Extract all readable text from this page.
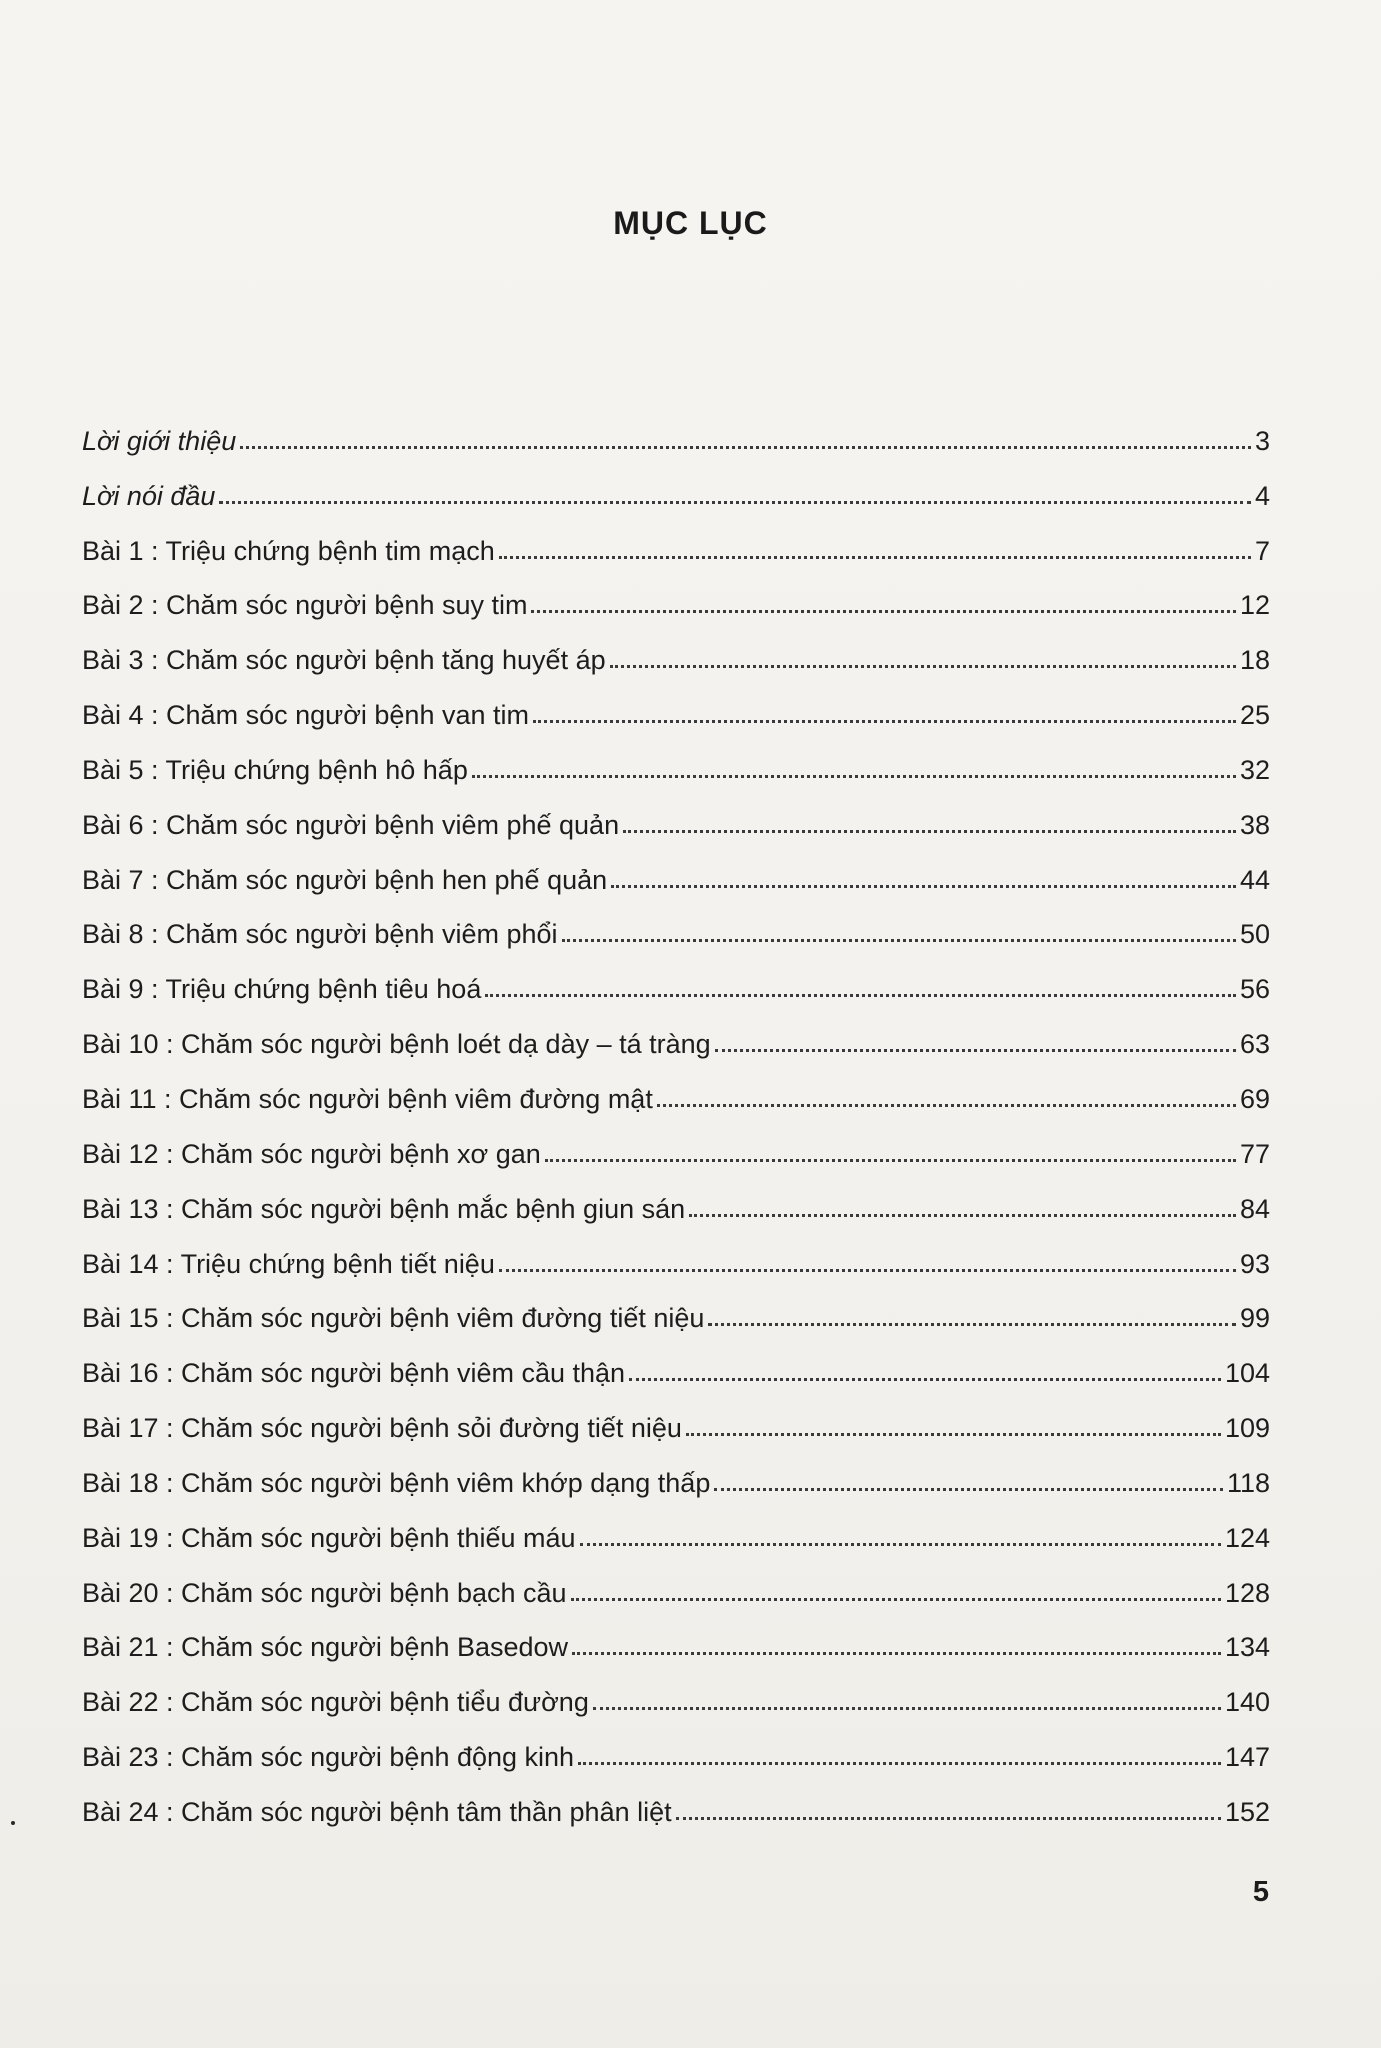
MỤC LỤC
Lời giới thiệu	3
Lời nói đầu	4
Bài 1 : Triệu chứng bệnh tim mạch	7
Bài 2 : Chăm sóc người bệnh suy tim	12
Bài 3 : Chăm sóc người bệnh tăng huyết áp	18
Bài 4 : Chăm sóc người bệnh van tim	25
Bài 5 : Triệu chứng bệnh hô hấp	32
Bài 6 : Chăm sóc người bệnh viêm phế quản	38
Bài 7 : Chăm sóc người bệnh hen phế quản	44
Bài 8 : Chăm sóc người bệnh viêm phổi	50
Bài 9 : Triệu chứng bệnh tiêu hoá	56
Bài 10 : Chăm sóc người bệnh loét dạ dày – tá tràng	63
Bài 11 : Chăm sóc người bệnh viêm đường mật	69
Bài 12 : Chăm sóc người bệnh xơ gan	77
Bài 13 : Chăm sóc người bệnh mắc bệnh giun sán	84
Bài 14 : Triệu chứng bệnh tiết niệu	93
Bài 15 : Chăm sóc người bệnh viêm đường tiết niệu	99
Bài 16 : Chăm sóc người bệnh viêm cầu thận	104
Bài 17 : Chăm sóc người bệnh sỏi đường tiết niệu	109
Bài 18 : Chăm sóc người bệnh viêm khớp dạng thấp	118
Bài 19 : Chăm sóc người bệnh thiếu máu	124
Bài 20 : Chăm sóc người bệnh bạch cầu	128
Bài 21 : Chăm sóc người bệnh Basedow	134
Bài 22 : Chăm sóc người bệnh tiểu đường	140
Bài 23 : Chăm sóc người bệnh động kinh	147
Bài 24 : Chăm sóc người bệnh tâm thần phân liệt	152
5
